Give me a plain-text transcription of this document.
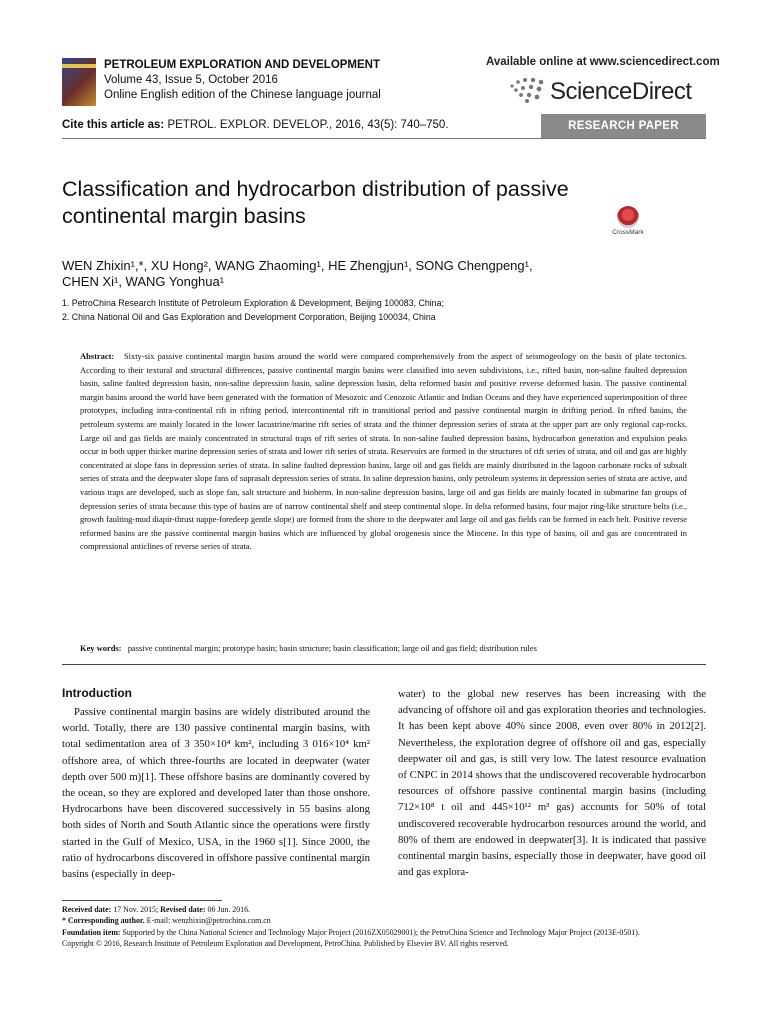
PETROLEUM EXPLORATION AND DEVELOPMENT
Volume 43, Issue 5, October 2016
Online English edition of the Chinese language journal
Available online at www.sciencedirect.com
ScienceDirect
Cite this article as: PETROL. EXPLOR. DEVELOP., 2016, 43(5): 740–750.	RESEARCH PAPER
Classification and hydrocarbon distribution of passive continental margin basins
CrossMark
WEN Zhixin¹,*, XU Hong², WANG Zhaoming¹, HE Zhengjun¹, SONG Chengpeng¹,
CHEN Xi¹, WANG Yonghua¹
1. PetroChina Research Institute of Petroleum Exploration & Development, Beijing 100083, China;
2. China National Oil and Gas Exploration and Development Corporation, Beijing 100034, China
Abstract: Sixty-six passive continental margin basins around the world were compared comprehensively from the aspect of seismogeology on the basis of plate tectonics. According to their textural and structural differences, passive continental margin basins were classified into seven subdivisions, i.e., rifted basin, non-saline faulted depression basin, saline faulted depression basin, non-saline depression basin, saline depression basin, delta reformed basin and positive reverse deformed basin. The passive continental margin basins around the world have been generated with the formation of Mesozoic and Cenozoic Atlantic and Indian Oceans and they have experienced superimposition of three prototypes, including intra-continental rift in rifting period, intercontinental rift in transitional period and passive continental margin in drifting period. In rifted basins, the petroleum systems are mainly located in the lower lacustrine/marine rift series of strata and the thinner depression series of strata at the upper part are only regional cap-rocks. Large oil and gas fields are mainly concentrated in structural traps of rift series of strata. In non-saline faulted depression basins, hydrocarbon generation and expulsion peaks occur in both upper thicker marine depression series of strata and lower rift series of strata. Reservoirs are formed in the structures of rift series of strata, and oil and gas are highly concentrated at slope fans in depression series of strata. In saline faulted depression basins, large oil and gas fields are mainly distributed in the lagoon carbonate rocks of subsalt series of strata and the deepwater slope fans of suprasalt depression series of strata. In saline depression basins, only petroleum systems in depression series of strata are active, and various traps are developed, such as slope fan, salt structure and bioherm. In non-saline depression basins, large oil and gas fields are mainly located in submarine fan groups of depression series of strata because this type of basins are of narrow continental shelf and steep continental slope. In delta reformed basins, four major ring-like structure belts (i.e., growth faulting-mud diapir-thrust nappe-foredeep gentle slope) are formed from the shore to the deepwater and large oil and gas fields can be formed in each belt. Positive reverse reformed basins are the passive continental margin basins which are influenced by global orogenesis since the Miocene. In this type of basins, oil and gas are concentrated in compressional anticlines of reverse series of strata.
Key words: passive continental margin; prototype basin; basin structure; basin classification; large oil and gas field; distribution rules
Introduction

Passive continental margin basins are widely distributed around the world. Totally, there are 130 passive continental margin basins, with total sedimentation area of 3 350×10⁴ km², including 3 016×10⁴ km² offshore area, of which three-fourths are located in deepwater (water depth over 500 m)[1]. These offshore basins are dominantly covered by the ocean, so they are explored and developed later than those onshore. Hydrocarbons have been discovered successively in 55 basins along both sides of North and South Atlantic since the operations were firstly started in the Gulf of Mexico, USA, in the 1960 s[1]. Since 2000, the ratio of hydrocarbons discovered in offshore passive continental margin basins (especially in deep-

water) to the global new reserves has been increasing with the advancing of offshore oil and gas exploration theories and technologies. It has been kept above 40% since 2008, even over 80% in 2012[2]. Nevertheless, the exploration degree of offshore oil and gas, especially deepwater oil and gas, is still very low. The latest resource evaluation of CNPC in 2014 shows that the undiscovered recoverable hydrocarbon resources of offshore passive continental margin basins (including 712×10⁸ t oil and 445×10¹² m³ gas) accounts for 50% of total undiscovered recoverable hydrocarbon resources around the world, and 80% of them are endowed in deepwater[3]. It is indicated that passive continental margin basins, especially those in deepwater, have good oil and gas explora-

Received date: 17 Nov. 2015; Revised date: 06 Jun. 2016.
* Corresponding author. E-mail: wenzhixin@petrochina.com.cn
Foundation item: Supported by the China National Science and Technology Major Project (2016ZX05029001); the PetroChina Science and Technology Major Project (2013E-0501).
Copyright © 2016, Research Institute of Petroleum Exploration and Development, PetroChina. Published by Elsevier BV. All rights reserved.
